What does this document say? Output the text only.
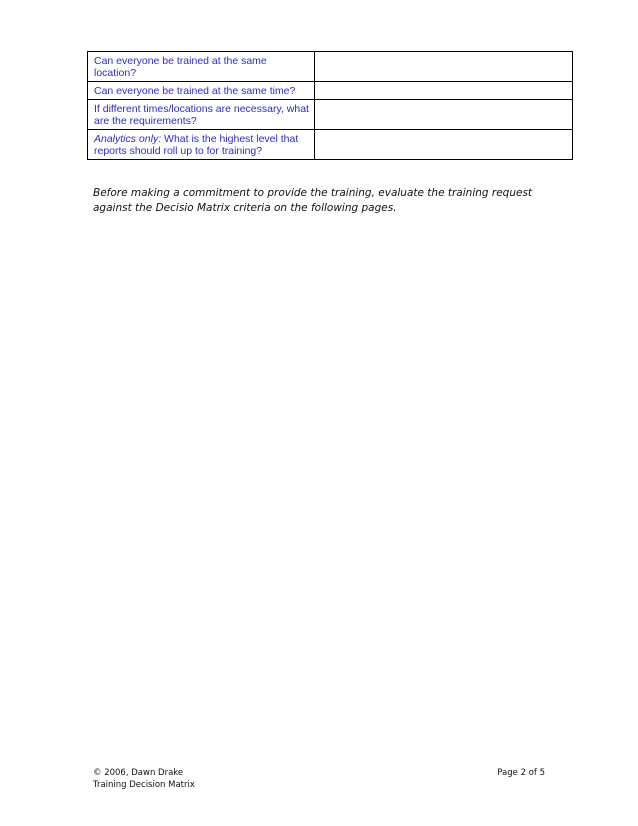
Can everyone be trained at the same location?	
Can everyone be trained at the same time?	
If different times/locations are necessary, what are the requirements?	
Analytics only: What is the highest level that reports should roll up to for training?	

Before making a commitment to provide the training, evaluate the training request against the Decisio Matrix criteria on the following pages.

© 2006, Dawn Drake	Page 2 of 5
Training Decision Matrix
